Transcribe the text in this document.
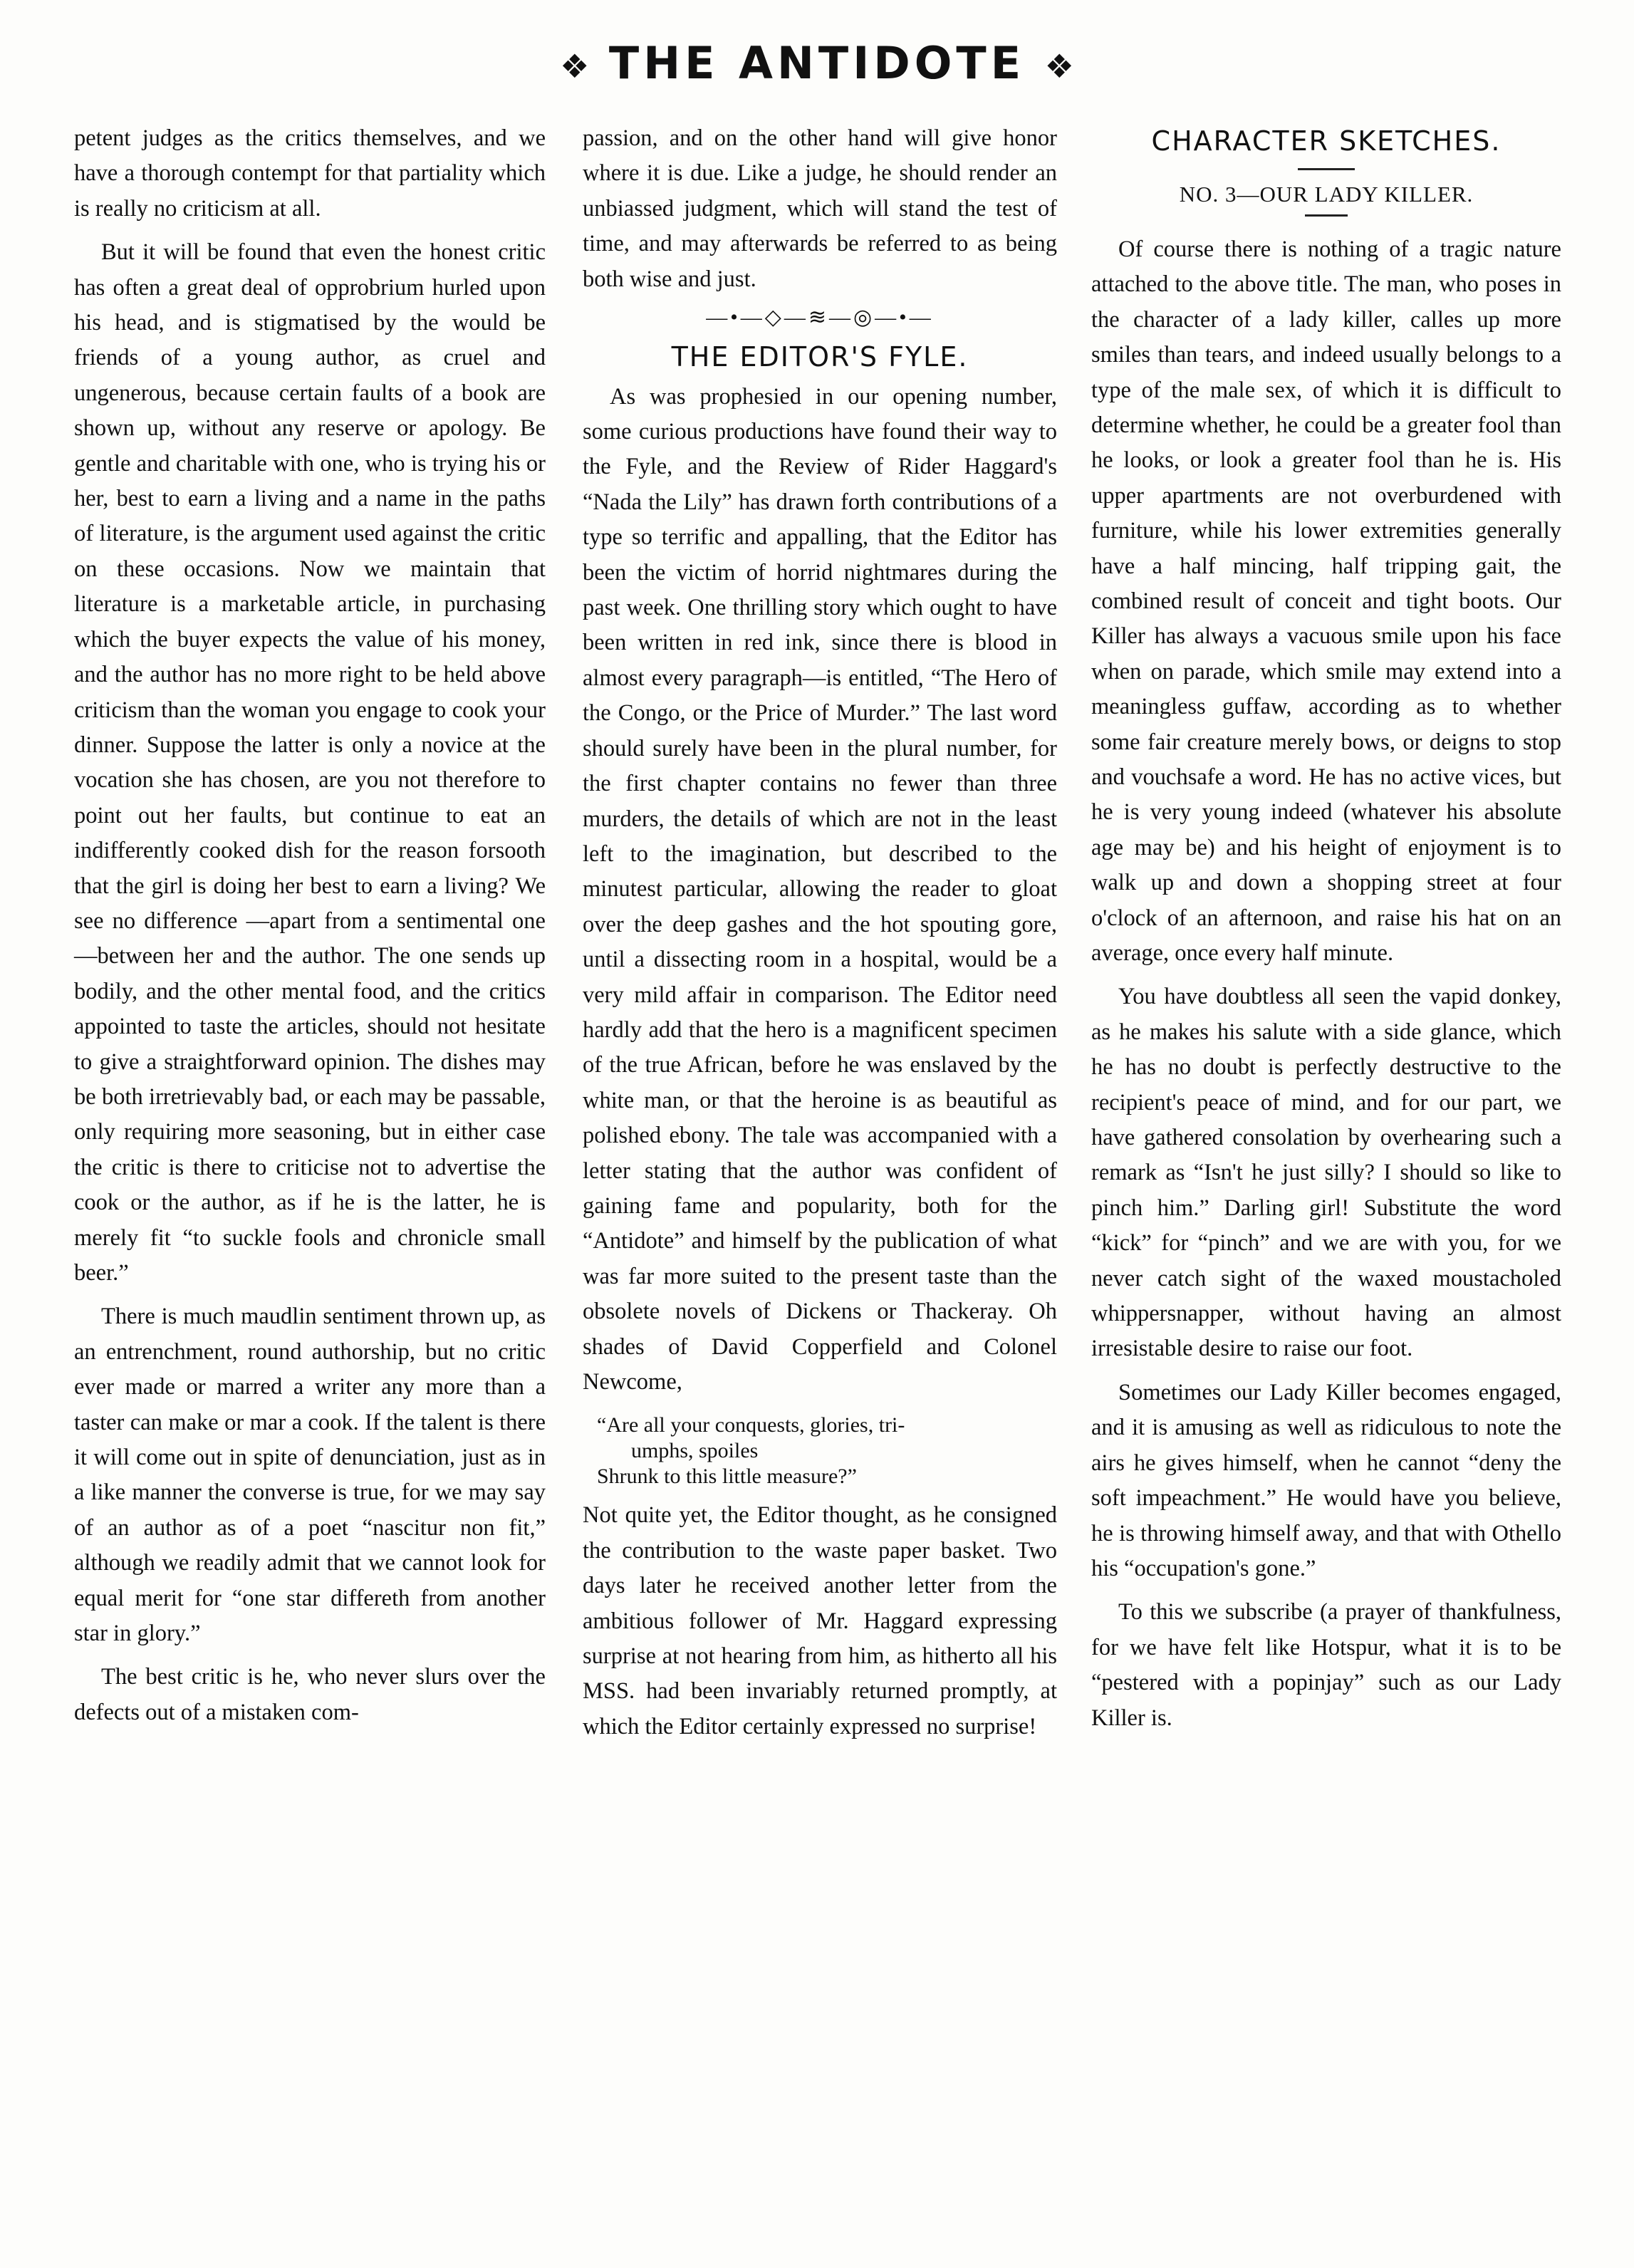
❖ THE ANTIDOTE ❖

petent judges as the critics themselves, and we have a thorough contempt for that partiality which is really no criticism at all.

But it will be found that even the honest critic has often a great deal of opprobrium hurled upon his head, and is stigmatised by the would be friends of a young author, as cruel and ungenerous, because certain faults of a book are shown up, without any reserve or apology. Be gentle and charitable with one, who is trying his or her, best to earn a living and a name in the paths of literature, is the argument used against the critic on these occasions. Now we maintain that literature is a marketable article, in purchasing which the buyer expects the value of his money, and the author has no more right to be held above criticism than the woman you engage to cook your dinner. Suppose the latter is only a novice at the vocation she has chosen, are you not therefore to point out her faults, but continue to eat an indifferently cooked dish for the reason forsooth that the girl is doing her best to earn a living? We see no difference —apart from a sentimental one—between her and the author. The one sends up bodily, and the other mental food, and the critics appointed to taste the articles, should not hesitate to give a straightforward opinion. The dishes may be both irretrievably bad, or each may be passable, only requiring more seasoning, but in either case the critic is there to criticise not to advertise the cook or the author, as if he is the latter, he is merely fit “to suckle fools and chronicle small beer.”

There is much maudlin sentiment thrown up, as an entrenchment, round authorship, but no critic ever made or marred a writer any more than a taster can make or mar a cook. If the talent is there it will come out in spite of denunciation, just as in a like manner the converse is true, for we may say of an author as of a poet “nascitur non fit,” although we readily admit that we cannot look for equal merit for “one star differeth from another star in glory.”

The best critic is he, who never slurs over the defects out of a mistaken com-

passion, and on the other hand will give honor where it is due. Like a judge, he should render an unbiassed judgment, which will stand the test of time, and may afterwards be referred to as being both wise and just.

—•—◇—≋—◎—•—
THE EDITOR'S FYLE.

As was prophesied in our opening number, some curious productions have found their way to the Fyle, and the Review of Rider Haggard's “Nada the Lily” has drawn forth contributions of a type so terrific and appalling, that the Editor has been the victim of horrid nightmares during the past week. One thrilling story which ought to have been written in red ink, since there is blood in almost every paragraph—is entitled, “The Hero of the Congo, or the Price of Murder.” The last word should surely have been in the plural number, for the first chapter contains no fewer than three murders, the details of which are not in the least left to the imagination, but described to the minutest particular, allowing the reader to gloat over the deep gashes and the hot spouting gore, until a dissecting room in a hospital, would be a very mild affair in comparison. The Editor need hardly add that the hero is a magnificent specimen of the true African, before he was enslaved by the white man, or that the heroine is as beautiful as polished ebony. The tale was accompanied with a letter stating that the author was confident of gaining fame and popularity, both for the “Antidote” and himself by the publication of what was far more suited to the present taste than the obsolete novels of Dickens or Thackeray. Oh shades of David Copperfield and Colonel Newcome,

“Are all your conquests, glories, tri-
umphs, spoiles
Shrunk to this little measure?”

Not quite yet, the Editor thought, as he consigned the contribution to the waste paper basket. Two days later he received another letter from the ambitious follower of Mr. Haggard expressing surprise at not hearing from him, as hitherto all his MSS. had been invariably returned promptly, at which the Editor certainly expressed no surprise!

CHARACTER SKETCHES.
NO. 3—OUR LADY KILLER.

Of course there is nothing of a tragic nature attached to the above title. The man, who poses in the character of a lady killer, calles up more smiles than tears, and indeed usually belongs to a type of the male sex, of which it is difficult to determine whether, he could be a greater fool than he looks, or look a greater fool than he is. His upper apartments are not overburdened with furniture, while his lower extremities generally have a half mincing, half tripping gait, the combined result of conceit and tight boots. Our Killer has always a vacuous smile upon his face when on parade, which smile may extend into a meaningless guffaw, according as to whether some fair creature merely bows, or deigns to stop and vouchsafe a word. He has no active vices, but he is very young indeed (whatever his absolute age may be) and his height of enjoyment is to walk up and down a shopping street at four o'clock of an afternoon, and raise his hat on an average, once every half minute.

You have doubtless all seen the vapid donkey, as he makes his salute with a side glance, which he has no doubt is perfectly destructive to the recipient's peace of mind, and for our part, we have gathered consolation by overhearing such a remark as “Isn't he just silly? I should so like to pinch him.” Darling girl! Substitute the word “kick” for “pinch” and we are with you, for we never catch sight of the waxed moustacholed whippersnapper, without having an almost irresistable desire to raise our foot.

Sometimes our Lady Killer becomes engaged, and it is amusing as well as ridiculous to note the airs he gives himself, when he cannot “deny the soft impeachment.” He would have you believe, he is throwing himself away, and that with Othello his “occupation's gone.”

To this we subscribe (a prayer of thankfulness, for we have felt like Hotspur, what it is to be “pestered with a popinjay” such as our Lady Killer is.
